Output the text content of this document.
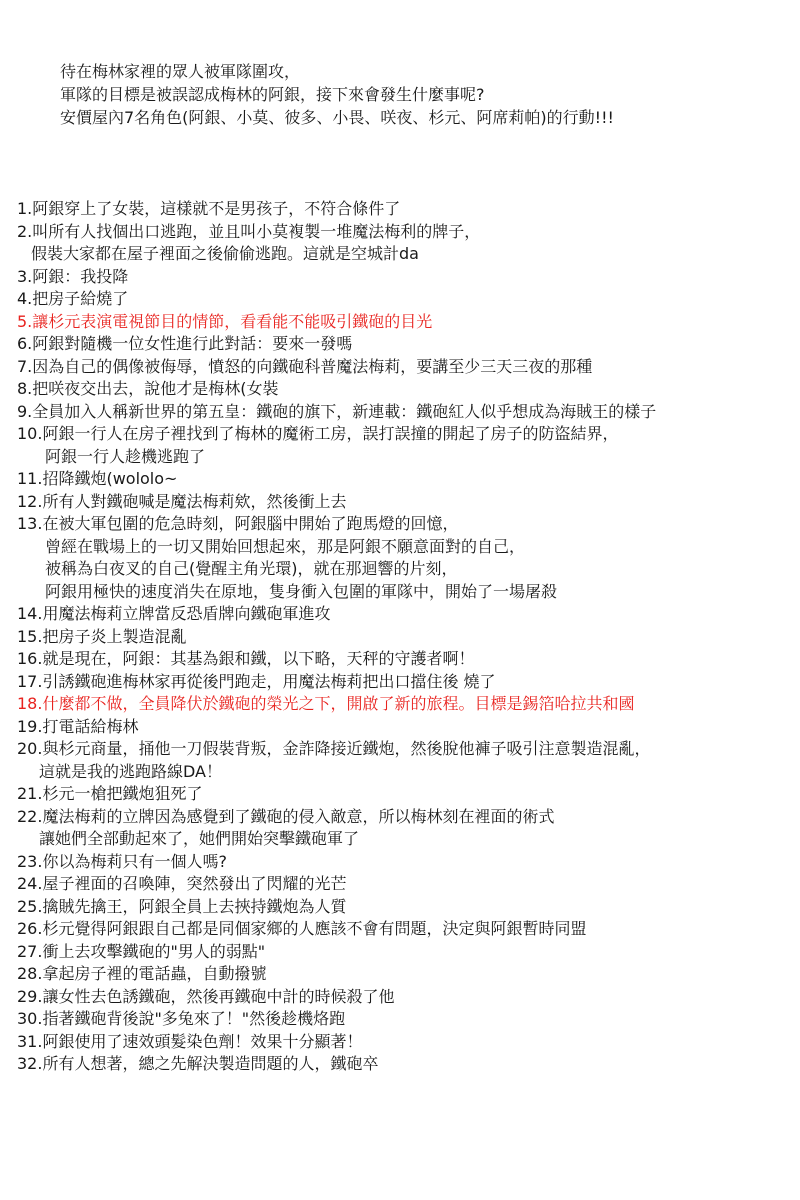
待在梅林家裡的眾人被軍隊圍攻，
軍隊的目標是被誤認成梅林的阿銀，接下來會發生什麼事呢?
安價屋內7名角色(阿銀、小莫、彼多、小畏、咲夜、杉元、阿席莉帕)的行動!!!
1.阿銀穿上了女裝，這樣就不是男孩子，不符合條件了
2.叫所有人找個出口逃跑，並且叫小莫複製一堆魔法梅利的牌子，
假裝大家都在屋子裡面之後偷偷逃跑。這就是空城計da
3.阿銀：我投降
4.把房子給燒了
5.讓杉元表演電視節目的情節，看看能不能吸引鐵砲的目光
6.阿銀對隨機一位女性進行此對話：要來一發嗎
7.因為自己的偶像被侮辱，憤怒的向鐵砲科普魔法梅莉，要講至少三天三夜的那種
8.把咲夜交出去，說他才是梅林(女裝
9.全員加入人稱新世界的第五皇：鐵砲的旗下，新連載：鐵砲紅人似乎想成為海賊王的樣子
10.阿銀一行人在房子裡找到了梅林的魔術工房，誤打誤撞的開起了房子的防盜結界，
阿銀一行人趁機逃跑了
11.招降鐵炮(wololo~
12.所有人對鐵砲喊是魔法梅莉欸，然後衝上去
13.在被大軍包圍的危急時刻，阿銀腦中開始了跑馬燈的回憶，
曾經在戰場上的一切又開始回想起來，那是阿銀不願意面對的自己，
被稱為白夜叉的自己(覺醒主角光環)，就在那迴響的片刻，
阿銀用極快的速度消失在原地，隻身衝入包圍的軍隊中，開始了一場屠殺
14.用魔法梅莉立牌當反恐盾牌向鐵砲軍進攻
15.把房子炎上製造混亂
16.就是現在，阿銀：其基為銀和鐵，以下略，天秤的守護者啊！
17.引誘鐵砲進梅林家再從後門跑走，用魔法梅莉把出口擋住後 燒了
18.什麼都不做，全員降伏於鐵砲的榮光之下，開啟了新的旅程。目標是錫箔哈拉共和國
19.打電話給梅林
20.與杉元商量，捅他一刀假裝背叛，金詐降接近鐵炮，然後脫他褲子吸引注意製造混亂，
這就是我的逃跑路線DA！
21.杉元一槍把鐵炮狙死了
22.魔法梅莉的立牌因為感覺到了鐵砲的侵入敵意，所以梅林刻在裡面的術式
讓她們全部動起來了，她們開始突擊鐵砲軍了
23.你以為梅莉只有一個人嗎?
24.屋子裡面的召喚陣，突然發出了閃耀的光芒
25.擒賊先擒王，阿銀全員上去挾持鐵炮為人質
26.杉元覺得阿銀跟自己都是同個家鄉的人應該不會有問題，決定與阿銀暫時同盟
27.衝上去攻擊鐵砲的"男人的弱點"
28.拿起房子裡的電話蟲，自動撥號
29.讓女性去色誘鐵砲，然後再鐵砲中計的時候殺了他
30.指著鐵砲背後說"多兔來了！"然後趁機烙跑
31.阿銀使用了速效頭髮染色劑！效果十分顯著！
32.所有人想著，總之先解決製造問題的人，鐵砲卒
